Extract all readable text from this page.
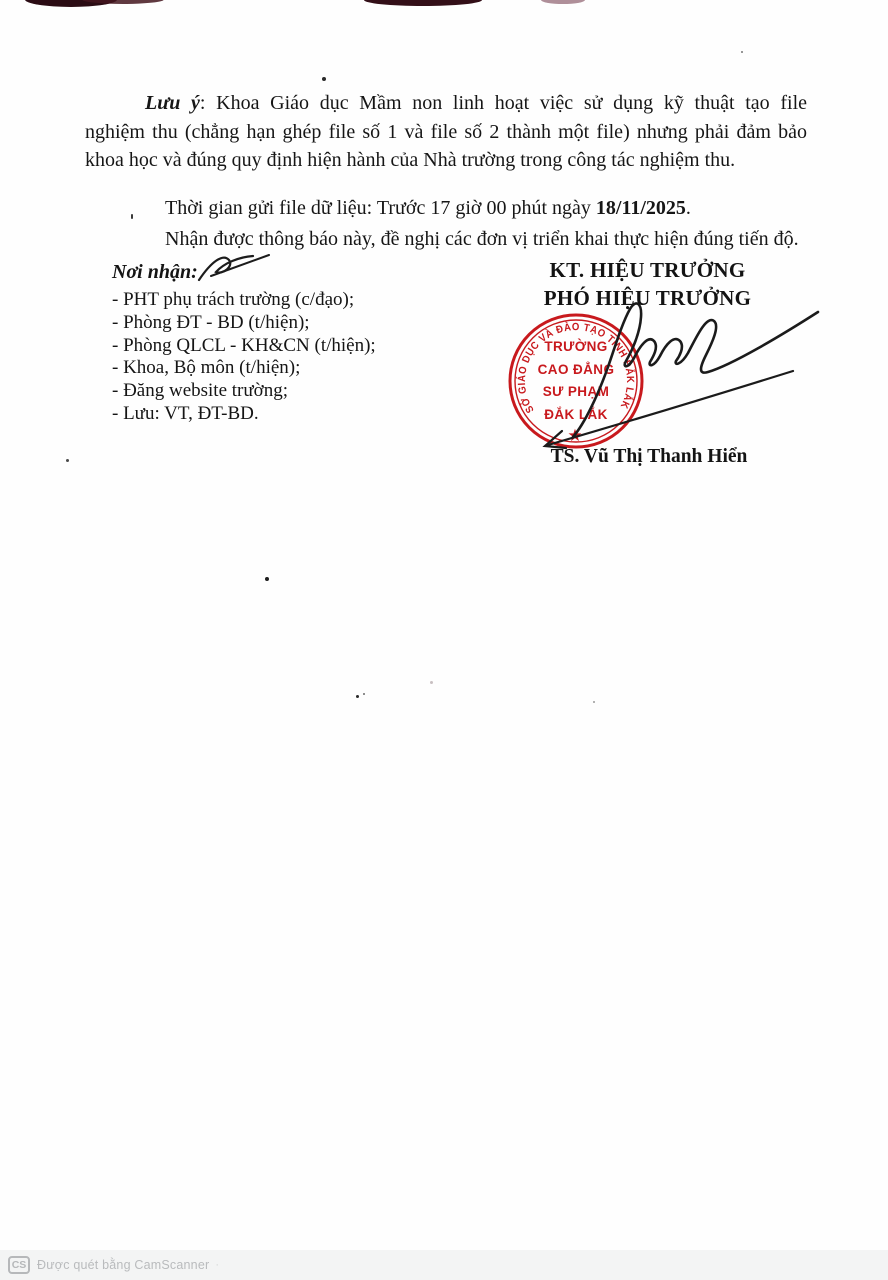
Lưu ý: Khoa Giáo dục Mầm non linh hoạt việc sử dụng kỹ thuật tạo file
nghiệm thu (chẳng hạn ghép file số 1 và file số 2 thành một file) nhưng phải đảm bảo
khoa học và đúng quy định hiện hành của Nhà trường trong công tác nghiệm thu.
Thời gian gửi file dữ liệu: Trước 17 giờ 00 phút ngày 18/11/2025.
Nhận được thông báo này, đề nghị các đơn vị triển khai thực hiện đúng tiến độ.
Nơi nhận:
- PHT phụ trách trường (c/đạo);
- Phòng ĐT - BD (t/hiện);
- Phòng QLCL - KH&CN (t/hiện);
- Khoa, Bộ môn (t/hiện);
- Đăng website trường;
- Lưu: VT, ĐT-BD.
KT. HIỆU TRƯỞNG
PHÓ HIỆU TRƯỞNG
SỞ GIÁO DỤC VÀ ĐÀO TẠO TỈNH ĐẮK LẮK
TRƯỜNG
CAO ĐẲNG
SƯ PHẠM
ĐẮK LẮK
★
TS. Vũ Thị Thanh Hiển
CS Được quét bằng CamScanner ·
